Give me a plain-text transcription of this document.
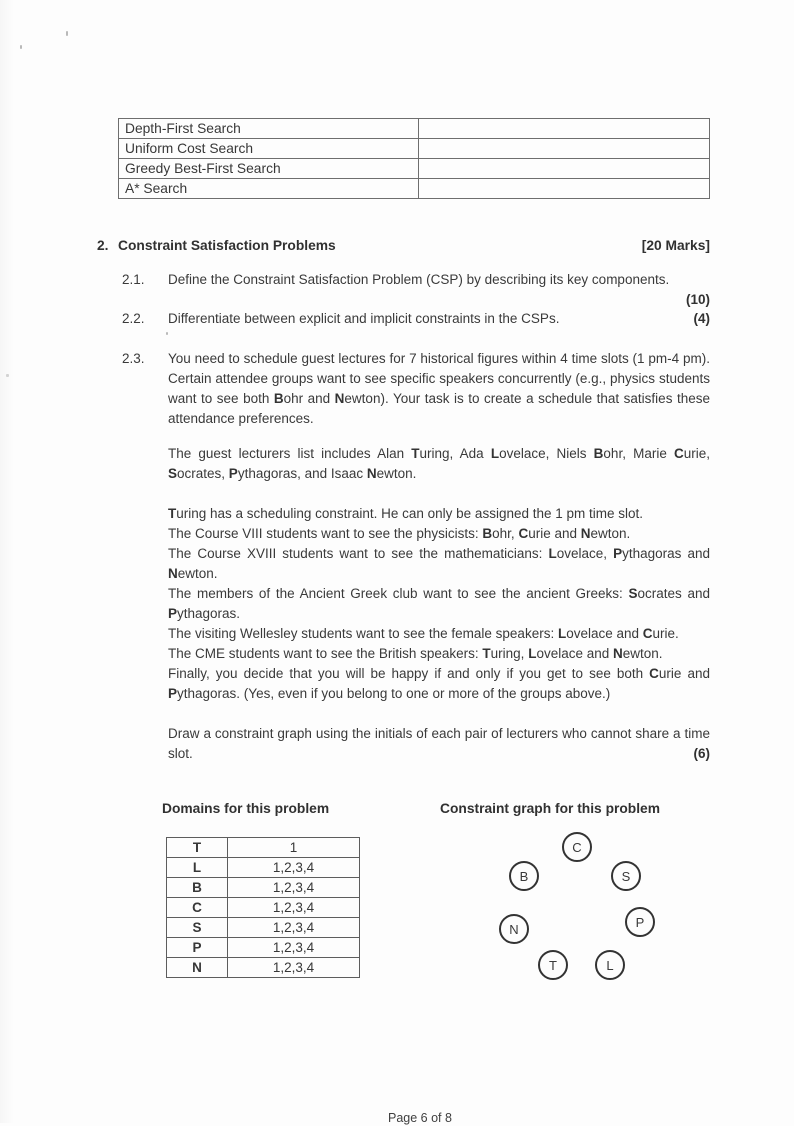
Depth-First Search	
Uniform Cost Search	
Greedy Best-First Search	
A* Search	
2. Constraint Satisfaction Problems	[20 Marks]
2.1.	Define the Constraint Satisfaction Problem (CSP) by describing its key components.
(10)
2.2.	Differentiate between explicit and implicit constraints in the CSPs.	(4)
2.3.	You need to schedule guest lectures for 7 historical figures within 4 time slots (1 pm-4 pm). Certain attendee groups want to see specific speakers concurrently (e.g., physics students want to see both Bohr and Newton). Your task is to create a schedule that satisfies these attendance preferences.

The guest lecturers list includes Alan Turing, Ada Lovelace, Niels Bohr, Marie Curie, Socrates, Pythagoras, and Isaac Newton.

Turing has a scheduling constraint. He can only be assigned the 1 pm time slot.

The Course VIII students want to see the physicists: Bohr, Curie and Newton.

The Course XVIII students want to see the mathematicians: Lovelace, Pythagoras and Newton.

The members of the Ancient Greek club want to see the ancient Greeks: Socrates and Pythagoras.

The visiting Wellesley students want to see the female speakers: Lovelace and Curie.

The CME students want to see the British speakers: Turing, Lovelace and Newton.

Finally, you decide that you will be happy if and only if you get to see both Curie and Pythagoras. (Yes, even if you belong to one or more of the groups above.)

Draw a constraint graph using the initials of each pair of lecturers who cannot share a time slot.	(6)

Domains for this problem
T	1
L	1,2,3,4
B	1,2,3,4
C	1,2,3,4
S	1,2,3,4
P	1,2,3,4
N	1,2,3,4
Constraint graph for this problem
C
B	S
N	P
T	L
Page 6 of 8
